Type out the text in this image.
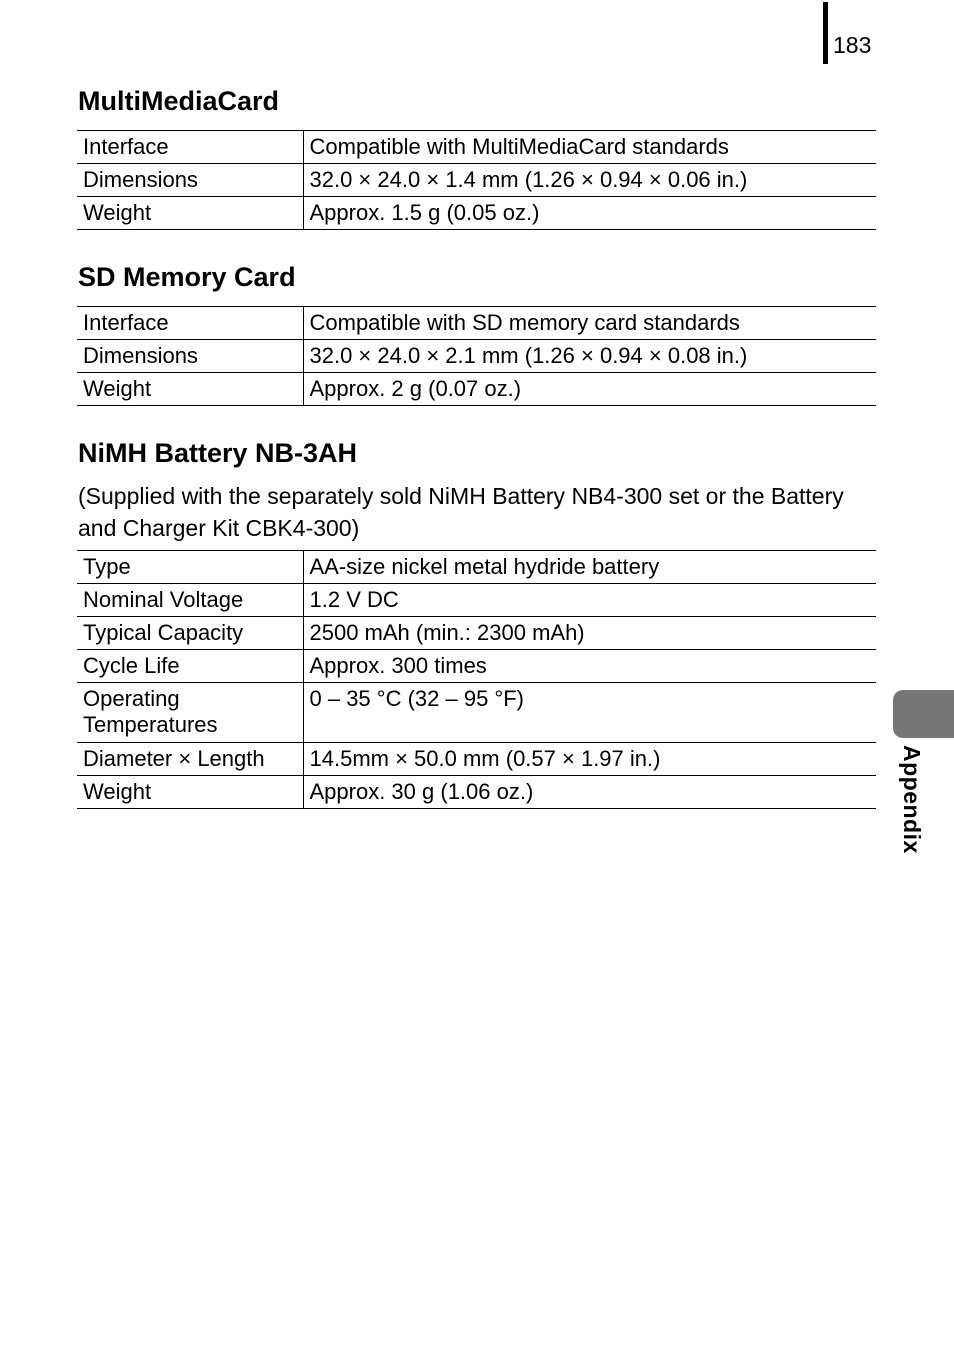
183
MultiMediaCard
Interface	Compatible with MultiMediaCard standards
Dimensions	32.0 × 24.0 × 1.4 mm (1.26 × 0.94 × 0.06 in.)
Weight	Approx. 1.5 g (0.05 oz.)
SD Memory Card
Interface	Compatible with SD memory card standards
Dimensions	32.0 × 24.0 × 2.1 mm (1.26 × 0.94 × 0.08 in.)
Weight	Approx. 2 g (0.07 oz.)
NiMH Battery NB-3AH

(Supplied with the separately sold NiMH Battery NB4-300 set or the Battery and Charger Kit CBK4-300)

Type	AA-size nickel metal hydride battery
Nominal Voltage	1.2 V DC
Typical Capacity	2500 mAh (min.: 2300 mAh)
Cycle Life	Approx. 300 times

Operating Temperatures	0 – 35 °C (32 – 95 °F)
Diameter × Length	14.5mm × 50.0 mm (0.57 × 1.97 in.)
Weight	Approx. 30 g (1.06 oz.)	Appendix
